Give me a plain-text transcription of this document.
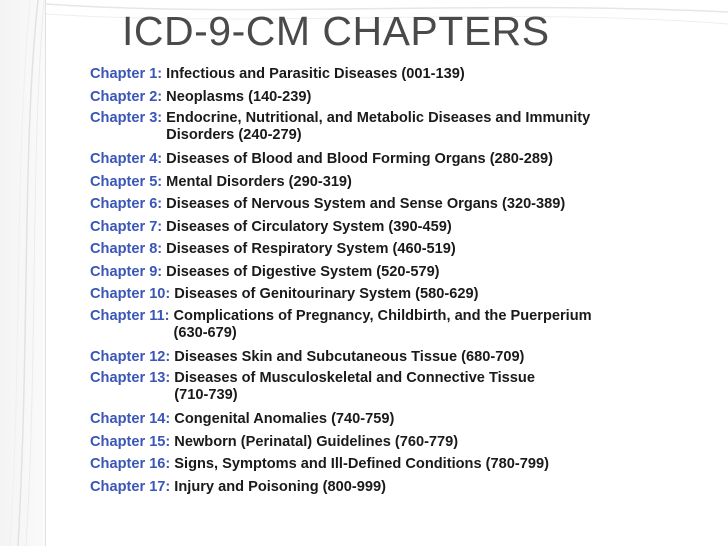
ICD-9-CM CHAPTERS
Chapter 1: Infectious and Parasitic Diseases (001-139)
Chapter 2: Neoplasms (140-239)
Chapter 3: Endocrine, Nutritional, and Metabolic Diseases and Immunity
Disorders (240-279)
Chapter 4: Diseases of Blood and Blood Forming Organs (280-289)
Chapter 5: Mental Disorders (290-319)
Chapter 6: Diseases of Nervous System and Sense Organs (320-389)
Chapter 7: Diseases of Circulatory System (390-459)
Chapter 8: Diseases of Respiratory System (460-519)
Chapter 9: Diseases of Digestive System (520-579)
Chapter 10: Diseases of Genitourinary System (580-629)
Chapter 11: Complications of Pregnancy, Childbirth, and the Puerperium
(630-679)
Chapter 12: Diseases Skin and Subcutaneous Tissue (680-709)
Chapter 13: Diseases of Musculoskeletal and Connective Tissue
(710-739)
Chapter 14: Congenital Anomalies (740-759)
Chapter 15: Newborn (Perinatal) Guidelines (760-779)
Chapter 16: Signs, Symptoms and Ill-Defined Conditions (780-799)
Chapter 17: Injury and Poisoning (800-999)
